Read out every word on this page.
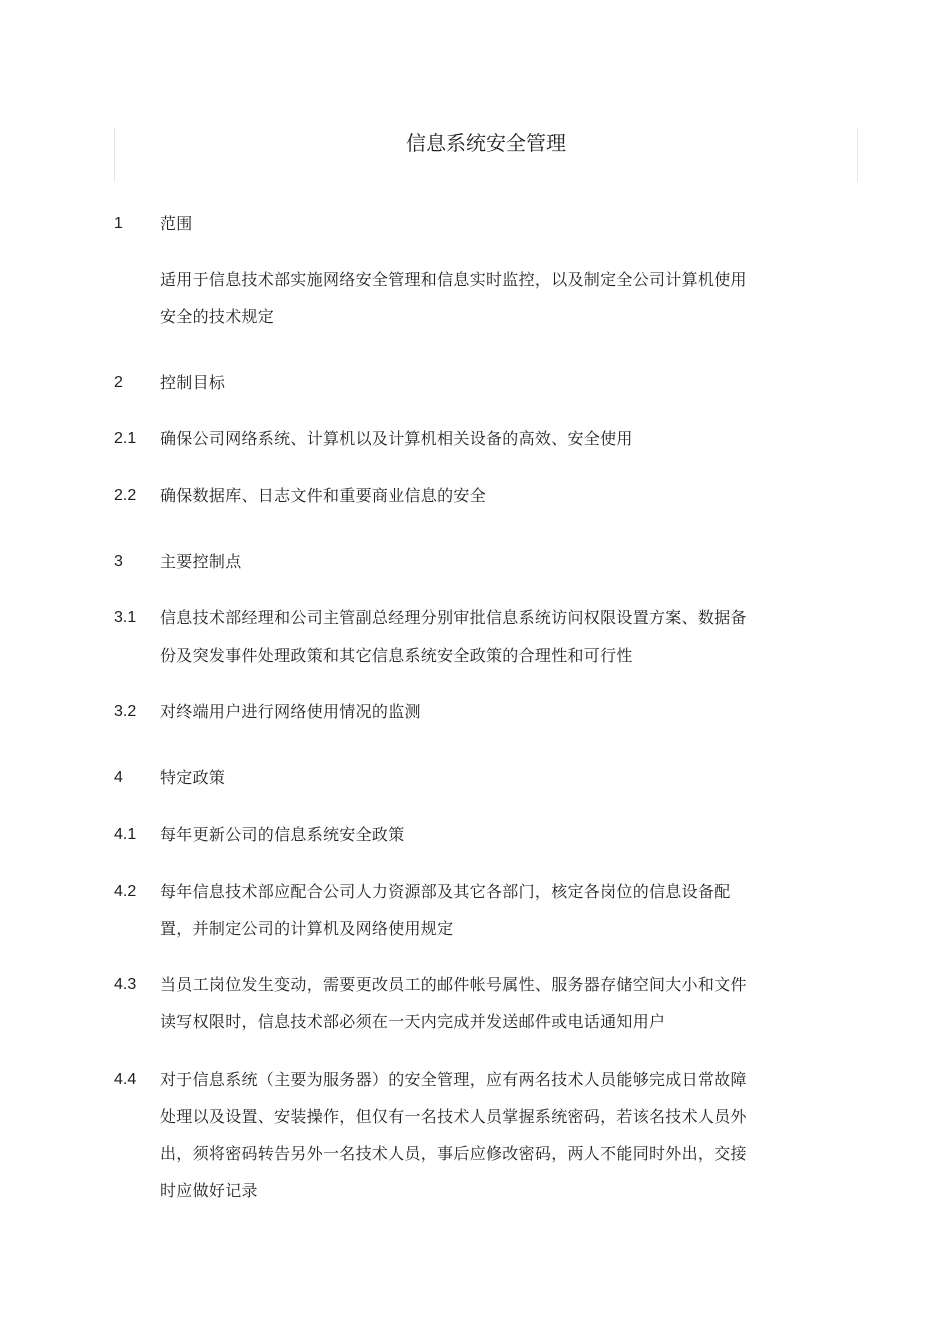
信息系统安全管理
1 范围
适用于信息技术部实施网络安全管理和信息实时监控，以及制定全公司计算机使用
安全的技术规定
2 控制目标
2.1 确保公司网络系统、计算机以及计算机相关设备的高效、安全使用
2.2 确保数据库、日志文件和重要商业信息的安全
3 主要控制点
3.1 信息技术部经理和公司主管副总经理分别审批信息系统访问权限设置方案、数据备
份及突发事件处理政策和其它信息系统安全政策的合理性和可行性
3.2 对终端用户进行网络使用情况的监测
4 特定政策
4.1 每年更新公司的信息系统安全政策
4.2 每年信息技术部应配合公司人力资源部及其它各部门，核定各岗位的信息设备配
置，并制定公司的计算机及网络使用规定
4.3 当员工岗位发生变动，需要更改员工的邮件帐号属性、服务器存储空间大小和文件
读写权限时，信息技术部必须在一天内完成并发送邮件或电话通知用户
4.4 对于信息系统（主要为服务器）的安全管理，应有两名技术人员能够完成日常故障
处理以及设置、安装操作，但仅有一名技术人员掌握系统密码，若该名技术人员外
出，须将密码转告另外一名技术人员，事后应修改密码，两人不能同时外出，交接
时应做好记录
